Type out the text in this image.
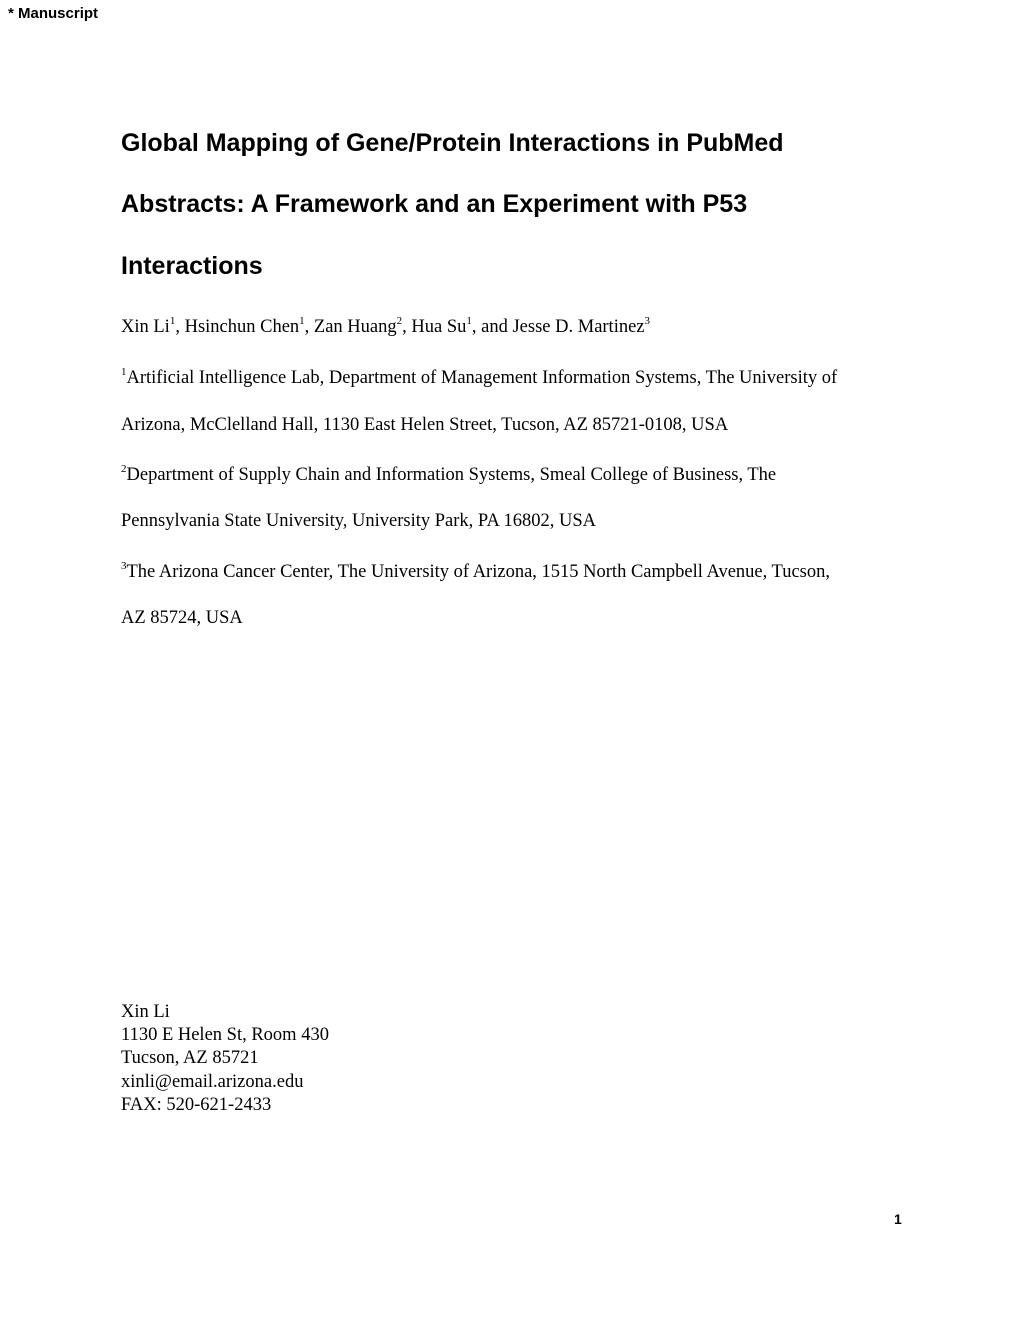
* Manuscript
Global Mapping of Gene/Protein Interactions in PubMed
Abstracts: A Framework and an Experiment with P53
Interactions
Xin Li$^1$, Hsinchun Chen$^1$, Zan Huang$^2$, Hua Su$^1$, and Jesse D. Martinez$^3$
$^1$Artificial Intelligence Lab, Department of Management Information Systems, The University of
Arizona, McClelland Hall, 1130 East Helen Street, Tucson, AZ 85721-0108, USA
$^2$Department of Supply Chain and Information Systems, Smeal College of Business, The
Pennsylvania State University, University Park, PA 16802, USA
$^3$The Arizona Cancer Center, The University of Arizona, 1515 North Campbell Avenue, Tucson,
AZ 85724, USA
Xin Li
1130 E Helen St, Room 430
Tucson, AZ 85721
xinli@email.arizona.edu
FAX: 520-621-2433
1
